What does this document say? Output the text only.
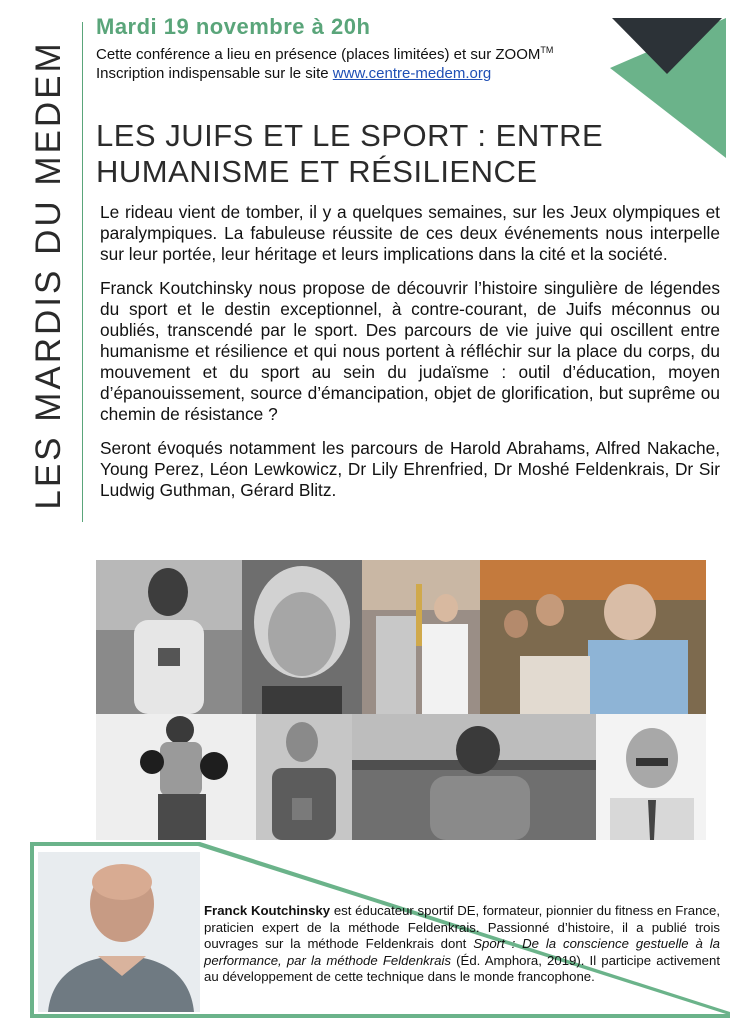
LES MARDIS DU MEDEM
Mardi 19 novembre à 20h
Cette conférence a lieu en présence (places limitées) et sur ZOOM™
Inscription indispensable sur le site www.centre-medem.org
LES JUIFS ET LE SPORT : ENTRE
HUMANISME ET RÉSILIENCE

Le rideau vient de tomber, il y a quelques semaines, sur les Jeux olympiques et paralympiques. La fabuleuse réussite de ces deux événements nous interpelle sur leur portée, leur héritage et leurs implications dans la cité et la société.

Franck Koutchinsky nous propose de découvrir l’histoire singulière de légendes du sport et le destin exceptionnel, à contre-courant, de Juifs méconnus ou oubliés, transcendé par le sport. Des parcours de vie juive qui oscillent entre humanisme et résilience et qui nous portent à réfléchir sur la place du corps, du mouvement et du sport au sein du judaïsme : outil d’éducation, moyen d’épanouissement, source d’émancipation, objet de glorification, but suprême ou chemin de résistance ?

Seront évoqués notamment les parcours de Harold Abrahams, Alfred Nakache, Young Perez, Léon Lewkowicz, Dr Lily Ehrenfried, Dr Moshé Feldenkrais, Dr Sir Ludwig Guthman, Gérard Blitz.

Franck Koutchinsky est éducateur sportif DE, formateur, pionnier du fitness en France, praticien expert de la méthode Feldenkrais. Passionné d’histoire, il a publié trois ouvrages sur la méthode Feldenkrais dont Sport : De la conscience gestuelle à la performance, par la méthode Feldenkrais (Éd. Amphora, 2019). Il participe activement au développement de cette technique dans le monde francophone.
